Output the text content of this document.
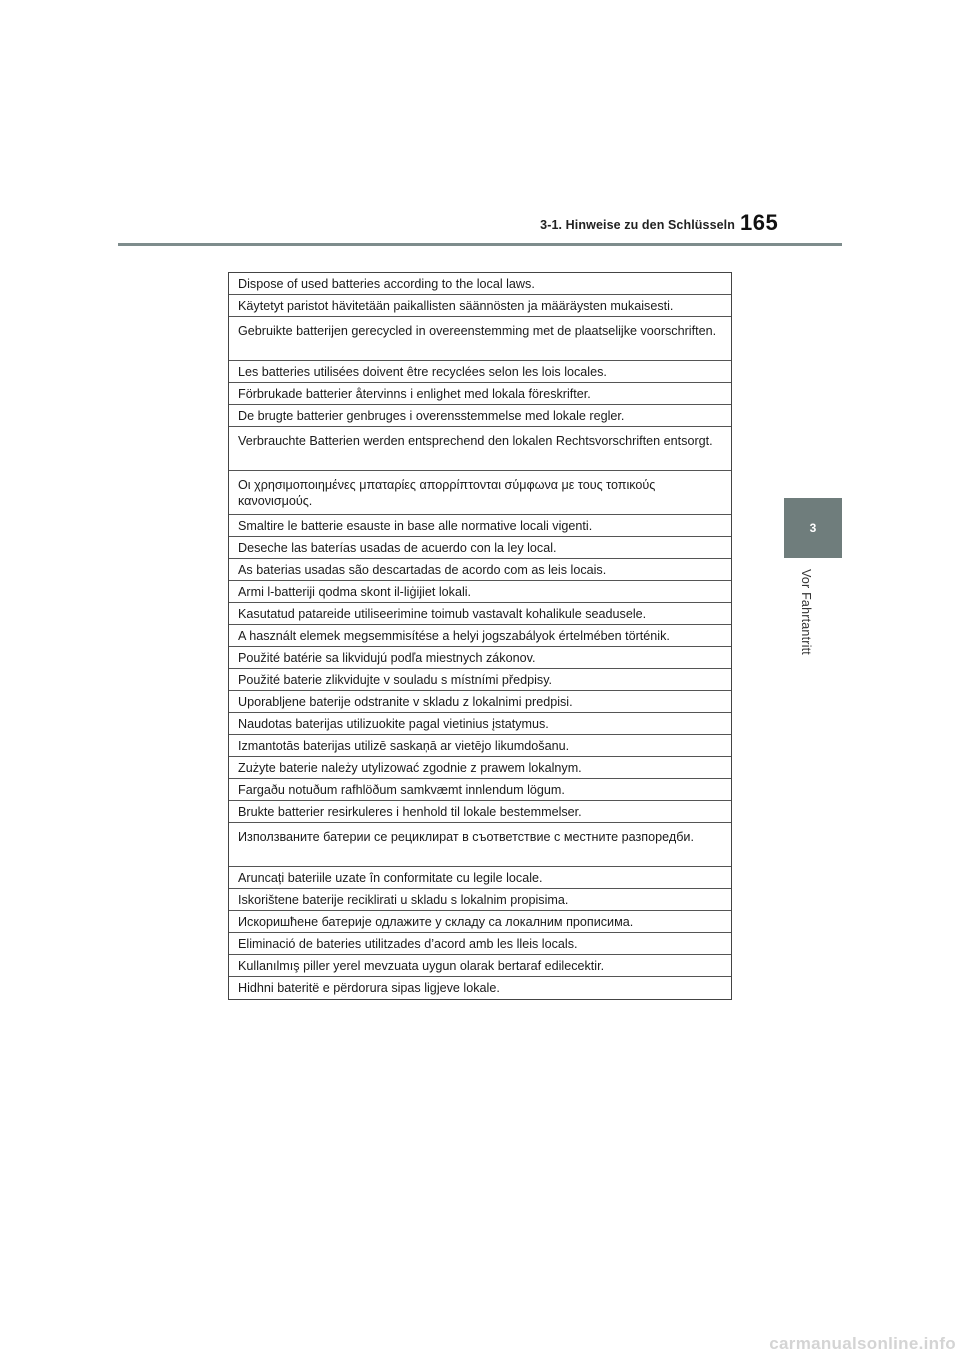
3-1. Hinweise zu den Schlüsseln 165
3
Vor Fahrtantritt
Dispose of used batteries according to the local laws.
Käytetyt paristot hävitetään paikallisten säännösten ja määräysten mukaisesti.
Gebruikte batterijen gerecycled in overeenstemming met de plaatselijke voorschriften.
Les batteries utilisées doivent être recyclées selon les lois locales.
Förbrukade batterier återvinns i enlighet med lokala föreskrifter.
De brugte batterier genbruges i overensstemmelse med lokale regler.
Verbrauchte Batterien werden entsprechend den lokalen Rechtsvorschriften entsorgt.
Οι χρησιμοποιημένες μπαταρίες απορρίπτονται σύμφωνα με τους τοπικούς κανονισμούς.
Smaltire le batterie esauste in base alle normative locali vigenti.
Deseche las baterías usadas de acuerdo con la ley local.
As baterias usadas são descartadas de acordo com as leis locais.
Armi l-batteriji qodma skont il-liġijiet lokali.
Kasutatud patareide utiliseerimine toimub vastavalt kohalikule seadusele.
A használt elemek megsemmisítése a helyi jogszabályok értelmében történik.
Použité batérie sa likvidujú podľa miestnych zákonov.
Použité baterie zlikvidujte v souladu s místními předpisy.
Uporabljene baterije odstranite v skladu z lokalnimi predpisi.
Naudotas baterijas utilizuokite pagal vietinius įstatymus.
Izmantotās baterijas utilizē saskaņā ar vietējo likumdošanu.
Zużyte baterie należy utylizować zgodnie z prawem lokalnym.
Fargaðu notuðum rafhlöðum samkvæmt innlendum lögum.
Brukte batterier resirkuleres i henhold til lokale bestemmelser.
Използваните батерии се рециклират в съответствие с местните разпоредби.
Aruncați bateriile uzate în conformitate cu legile locale.
Iskorištene baterije reciklirati u skladu s lokalnim propisima.
Искоришћене батерије одлажите у складу са локалним прописима.
Eliminació de bateries utilitzades d’acord amb les lleis locals.
Kullanılmış piller yerel mevzuata uygun olarak bertaraf edilecektir.
Hidhni bateritë e përdorura sipas ligjeve lokale.
carmanualsonline.info
